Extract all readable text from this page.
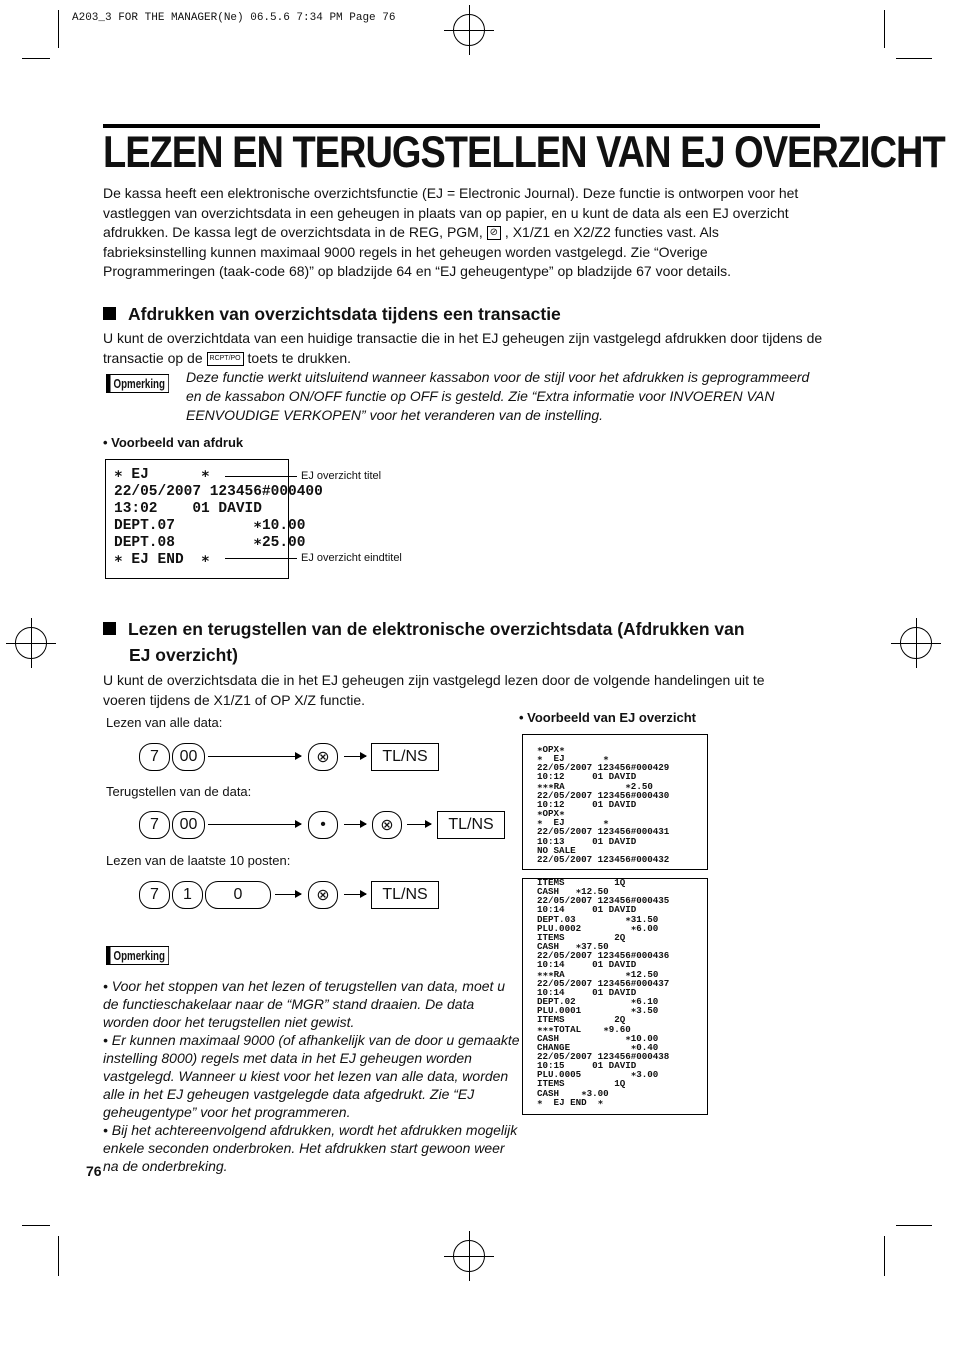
A203_3 FOR THE MANAGER(Ne) 06.5.6 7:34 PM Page 76
LEZEN EN TERUGSTELLEN VAN EJ OVERZICHT
De kassa heeft een elektronische overzichtsfunctie (EJ = Electronic Journal). Deze functie is ontworpen voor het vastleggen van overzichtsdata in een geheugen in plaats van op papier, en u kunt de data als een EJ overzicht afdrukken. De kassa legt de overzichtsdata in de REG, PGM, ⊘ , X1/Z1 en X2/Z2 functies vast. Als fabrieksinstelling kunnen maximaal 9000 regels in het geheugen worden vastgelegd. Zie “Overige Programmeringen (taak-code 68)” op bladzijde 64 en “EJ geheugentype” op bladzijde 67 voor details.
Afdrukken van overzichtsdata tijdens een transactie
U kunt de overzichtdata van een huidige transactie die in het EJ geheugen zijn vastgelegd afdrukken door tijdens de transactie op de RCPT/PO toets te drukken.
Opmerking	Deze functie werkt uitsluitend wanneer kassabon voor de stijl voor het afdrukken is geprogrammeerd en de kassabon ON/OFF functie op OFF is gesteld. Zie “Extra informatie voor INVOEREN VAN EENVOUDIGE VERKOPEN” voor het veranderen van de instelling.
• Voorbeeld van afdruk
∗ EJ      ∗
22/05/2007 123456#000400
13:02    01 DAVID
DEPT.07         ∗10.00
DEPT.08         ∗25.00
∗ EJ END  ∗
EJ overzicht titel
EJ overzicht eindtitel
Lezen en terugstellen van de elektronische overzichtsdata (Afdrukken van
EJ overzicht)
U kunt de overzichtsdata die in het EJ geheugen zijn vastgelegd lezen door de volgende handelingen uit te voeren tijdens de X1/Z1 of OP X/Z functie.
Lezen van alle data:
7	00	⊗	TL/NS
Terugstellen van de data:
7	00	•	⊗	TL/NS
Lezen van de laatste 10 posten:
7	1	0	⊗	TL/NS
• Voorbeeld van EJ overzicht
∗OPX∗
∗  EJ       ∗
22/05/2007 123456#000429
10:12     01 DAVID
∗∗∗RA           ∗2.50
22/05/2007 123456#000430
10:12     01 DAVID
∗OPX∗
∗  EJ       ∗
22/05/2007 123456#000431
10:13     01 DAVID
NO SALE
22/05/2007 123456#000432
ITEMS         1Q
CASH   ∗12.50
22/05/2007 123456#000435
10:14     01 DAVID
DEPT.03         ∗31.50
PLU.0002         ∗6.00
ITEMS         2Q
CASH   ∗37.50
22/05/2007 123456#000436
10:14     01 DAVID
∗∗∗RA           ∗12.50
22/05/2007 123456#000437
10:14     01 DAVID
DEPT.02          ∗6.10
PLU.0001         ∗3.50
ITEMS         2Q
∗∗∗TOTAL    ∗9.60
CASH            ∗10.00
CHANGE           ∗0.40
22/05/2007 123456#000438
10:15     01 DAVID
PLU.0005         ∗3.00
ITEMS         1Q
CASH    ∗3.00
∗  EJ END  ∗
Opmerking
• Voor het stoppen van het lezen of terugstellen van data, moet u de functieschakelaar naar de “MGR” stand draaien. De data worden door het terugstellen niet gewist.
• Er kunnen maximaal 9000 (of afhankelijk van de door u gemaakte instelling 8000) regels met data in het EJ geheugen worden vastgelegd. Wanneer u kiest voor het lezen van alle data, worden alle in het EJ geheugen vastgelegde data afgedrukt. Zie “EJ geheugentype” voor het programmeren.
• Bij het achtereenvolgend afdrukken, wordt het afdrukken mogelijk enkele seconden onderbroken. Het afdrukken start gewoon weer na de onderbreking.
76
